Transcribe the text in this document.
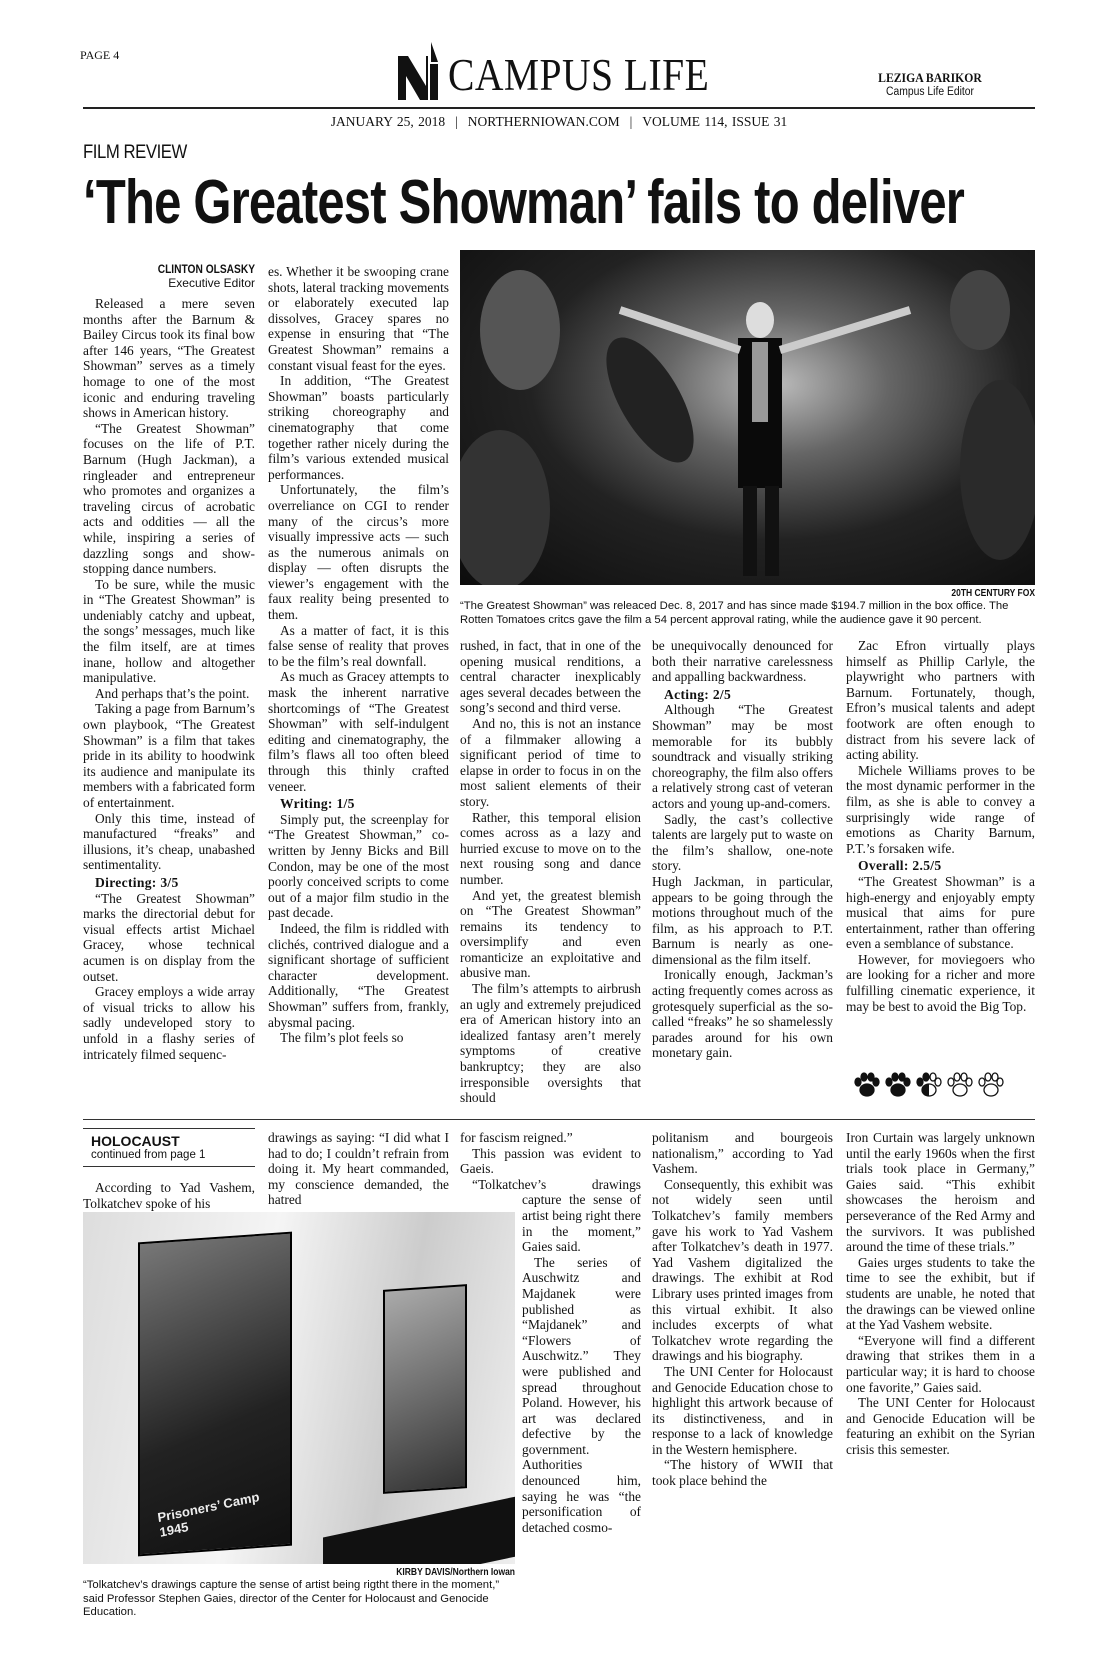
PAGE 4	CAMPUS LIFE	LEZIGA BARIKOR
Campus Life Editor
JANUARY 25, 2018 | NORTHERNIOWAN.COM | VOLUME 114, ISSUE 31
FILM REVIEW
‘The Greatest Showman’ fails to deliver
CLINTON OLSASKY
Executive Editor

Released a mere seven months after the Barnum & Bailey Circus took its final bow after 146 years, “The Greatest Showman” serves as a timely homage to one of the most iconic and enduring traveling shows in American history.

“The Greatest Showman” focuses on the life of P.T. Barnum (Hugh Jackman), a ringleader and entrepreneur who promotes and organizes a traveling circus of acrobatic acts and oddities — all the while, inspiring a series of dazzling songs and show-stopping dance numbers.

To be sure, while the music in “The Greatest Showman” is undeniably catchy and upbeat, the songs’ messages, much like the film itself, are at times inane, hollow and altogether manipulative.

And perhaps that’s the point.

Taking a page from Barnum’s own playbook, “The Greatest Showman” is a film that takes pride in its ability to hoodwink its audience and manipulate its members with a fabricated form of entertainment.

Only this time, instead of manufactured “freaks” and illusions, it’s cheap, unabashed sentimentality.

Directing: 3/5

“The Greatest Showman” marks the directorial debut for visual effects artist Michael Gracey, whose technical acumen is on display from the outset.

Gracey employs a wide array of visual tricks to allow his sadly undeveloped story to unfold in a flashy series of intricately filmed sequenc-

es. Whether it be swooping crane shots, lateral tracking movements or elaborately executed lap dissolves, Gracey spares no expense in ensuring that “The Greatest Showman” remains a constant visual feast for the eyes.

In addition, “The Greatest Showman” boasts particularly striking choreography and cinematography that come together rather nicely during the film’s various extended musical performances.

Unfortunately, the film’s overreliance on CGI to render many of the circus’s more visually impressive acts — such as the numerous animals on display — often disrupts the viewer’s engagement with the faux reality being presented to them.

As a matter of fact, it is this false sense of reality that proves to be the film’s real downfall.

As much as Gracey attempts to mask the inherent narrative shortcomings of “The Greatest Showman” with self-indulgent editing and cinematography, the film’s flaws all too often bleed through this thinly crafted veneer.

Writing: 1/5

Simply put, the screenplay for “The Greatest Showman,” co-written by Jenny Bicks and Bill Condon, may be one of the most poorly conceived scripts to come out of a major film studio in the past decade.

Indeed, the film is riddled with clichés, contrived dialogue and a significant shortage of sufficient character development. Additionally, “The Greatest Showman” suffers from, frankly, abysmal pacing.

The film’s plot feels so

rushed, in fact, that in one of the opening musical renditions, a central character inexplicably ages several decades between the song’s second and third verse.

And no, this is not an instance of a filmmaker allowing a significant period of time to elapse in order to focus in on the most salient elements of their story.

Rather, this temporal elision comes across as a lazy and hurried excuse to move on to the next rousing song and dance number.

And yet, the greatest blemish on “The Greatest Showman” remains its tendency to oversimplify and even romanticize an exploitative and abusive man.

The film’s attempts to airbrush an ugly and extremely prejudiced era of American history into an idealized fantasy aren’t merely symptoms of creative bankruptcy; they are also irresponsible oversights that should

be unequivocally denounced for both their narrative carelessness and appalling backwardness.

Acting: 2/5

Although “The Greatest Showman” may be most memorable for its bubbly soundtrack and visually striking choreography, the film also offers a relatively strong cast of veteran actors and young up-and-comers.

Sadly, the cast’s collective talents are largely put to waste on the film’s shallow, one-note story.

Hugh Jackman, in particular, appears to be going through the motions throughout much of the film, as his approach to P.T. Barnum is nearly as one-dimensional as the film itself.

Ironically enough, Jackman’s acting frequently comes across as grotesquely superficial as the so-called “freaks” he so shamelessly parades around for his own monetary gain.

Zac Efron virtually plays himself as Phillip Carlyle, the playwright who partners with Barnum. Fortunately, though, Efron’s musical talents and adept footwork are often enough to distract from his severe lack of acting ability.

Michele Williams proves to be the most dynamic performer in the film, as she is able to convey a surprisingly wide range of emotions as Charity Barnum, P.T.’s forsaken wife.

Overall: 2.5/5

“The Greatest Showman” is a high-energy and enjoyably empty musical that aims for pure entertainment, rather than offering even a semblance of substance.

However, for moviegoers who are looking for a richer and more fulfilling cinematic experience, it may be best to avoid the Big Top.

20TH CENTURY FOX
“The Greatest Showman” was releaced Dec. 8, 2017 and has since made $194.7 million in the box office. The Rotten Tomatoes critcs gave the film a 54 percent approval rating, while the audience gave it 90 percent.
HOLOCAUST
continued from page 1

According to Yad Vashem, Tolkatchev spoke of his

drawings as saying: “I did what I had to do; I couldn’t refrain from doing it. My heart commanded, my conscience demanded, the hatred

for fascism reigned.”

This passion was evident to Gaeis.

“Tolkatchev’s drawings capture the sense of artist being right there in the moment,” Gaies said.

The series of Auschwitz and Majdanek were published as “Majdanek” and “Flowers of Auschwitz.” They were published and spread throughout Poland. However, his art was declared defective by the government. Authorities denounced him, saying he was “the personification of detached cosmo-

politanism and bourgeois nationalism,” according to Yad Vashem.

Consequently, this exhibit was not widely seen until Tolkatchev’s family members gave his work to Yad Vashem after Tolkatchev’s death in 1977. Yad Vashem digitalized the drawings. The exhibit at Rod Library uses printed images from this virtual exhibit. It also includes excerpts of what Tolkatchev wrote regarding the drawings and his biography.

The UNI Center for Holocaust and Genocide Education chose to highlight this artwork because of its distinctiveness, and in response to a lack of knowledge in the Western hemisphere.

“The history of WWII that took place behind the

Iron Curtain was largely unknown until the early 1960s when the first trials took place in Germany,” Gaies said. “This exhibit showcases the heroism and perseverance of the Red Army and the survivors. It was published around the time of these trials.”

Gaies urges students to take the time to see the exhibit, but if students are unable, he noted that the drawings can be viewed online at the Yad Vashem website.

“Everyone will find a different drawing that strikes them in a particular way; it is hard to choose one favorite,” Gaies said.

The UNI Center for Holocaust and Genocide Education will be featuring an exhibit on the Syrian crisis this semester.

Prisoners’ Camp 1945
KIRBY DAVIS/Northern Iowan
“Tolkatchev’s drawings capture the sense of artist being rigtht there in the moment,” said Professor Stephen Gaies, director of the Center for Holocaust and Genocide Education.
